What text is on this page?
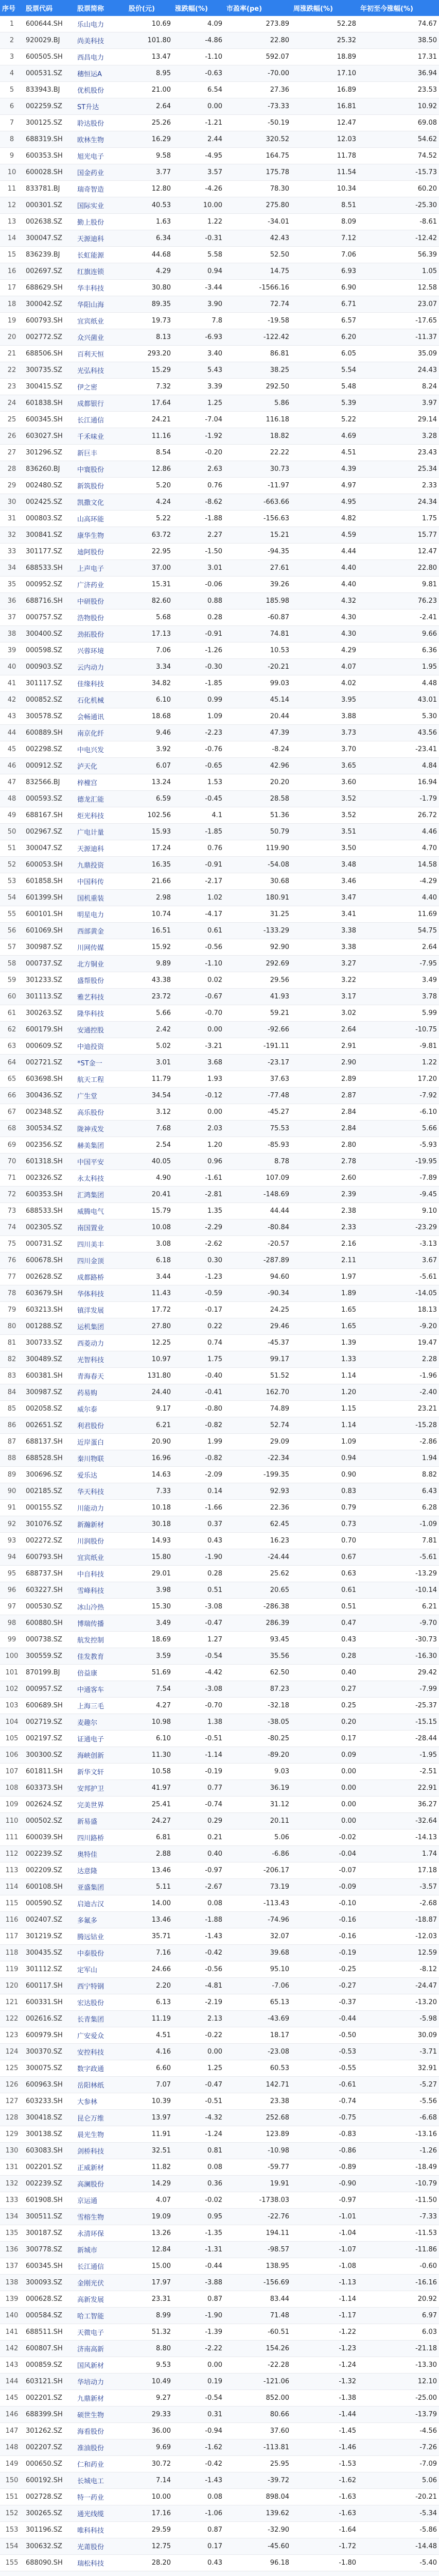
序号	股票代码	股票简称	股价(元)	涨跌幅(%)	市盈率(pe)	周涨跌幅(%)	年初至今涨幅(%)
1	600644.SH	乐山电力	10.69	4.09	273.89	52.28	74.67
2	920029.BJ	尚美科技	101.80	-4.86	22.80	25.32	38.50
3	600505.SH	西昌电力	13.47	-1.10	592.07	18.89	17.31
4	000531.SZ	穗恒运A	8.95	-0.63	-70.00	17.10	36.94
5	833943.BJ	优机股份	21.00	6.54	27.36	16.89	23.53
6	002259.SZ	ST升达	2.64	0.00	-73.33	16.81	10.92
7	300125.SZ	聆达股份	25.26	-1.21	-50.19	12.47	69.08
8	688319.SH	欧林生物	16.29	2.44	320.52	12.03	54.62
9	600353.SH	旭光电子	9.58	-4.95	164.75	11.78	74.52
10	600028.SH	国金药业	3.77	3.57	175.78	11.54	-15.73
11	833781.BJ	瑞奇智造	12.80	-4.26	78.30	10.34	60.20
12	000301.SZ	国际实业	40.53	10.00	275.80	8.51	-25.30
13	002638.SZ	勤上股份	1.63	1.22	-34.01	8.09	-8.61
14	300047.SZ	天源迪科	6.34	-0.31	42.43	7.12	-12.42
15	836239.BJ	长虹能源	44.68	5.58	52.50	7.06	56.39
16	002697.SZ	红旗连锁	4.29	0.94	14.75	6.93	1.05
17	688629.SH	华丰科技	30.80	-3.44	-1566.16	6.90	12.58
18	300042.SZ	华阳山海	89.35	3.90	72.74	6.71	23.07
19	600793.SH	宜宾纸业	19.73	7.8	-19.58	6.57	-17.65
20	002772.SZ	众兴菌业	8.13	-6.93	-122.42	6.20	-11.37
21	688506.SH	百利天恒	293.20	3.40	86.81	6.05	35.09
22	300735.SZ	光弘科技	15.29	5.43	38.25	5.54	24.43
23	300415.SZ	伊之密	7.32	3.39	292.50	5.48	8.24
24	601838.SH	成都银行	17.64	1.25	5.86	5.39	3.97
25	600345.SH	长江通信	24.21	-7.04	116.18	5.22	29.14
26	603027.SH	千禾味业	11.16	-1.92	18.82	4.69	3.28
27	301296.SZ	新巨丰	8.54	-0.20	22.22	4.51	23.43
28	836260.BJ	中寰股份	12.86	2.63	30.73	4.39	25.34
29	002480.SZ	新筑股份	5.20	0.76	-11.97	4.97	2.33
30	002425.SZ	凯撒文化	4.24	-8.62	-663.66	4.95	24.34
31	000803.SZ	山高环能	5.22	-1.88	-156.63	4.82	1.75
32	300841.SZ	康华生物	63.72	2.27	15.21	4.59	15.77
33	301177.SZ	迪阿股份	22.95	-1.50	-94.35	4.44	12.47
34	688533.SH	上声电子	37.00	3.01	27.61	4.40	22.80
35	000952.SZ	广济药业	15.31	-0.06	39.26	4.40	9.81
36	688716.SH	中研股份	82.60	0.88	185.98	4.32	76.23
37	000757.SZ	浩物股份	5.68	0.28	-60.87	4.30	-2.41
38	300400.SZ	劲拓股份	17.13	-0.91	74.81	4.30	9.66
39	000598.SZ	兴蓉环境	7.06	-1.26	10.53	4.29	6.36
40	000903.SZ	云内动力	3.34	-0.30	-20.21	4.07	1.95
41	301117.SZ	佳缘科技	34.82	-1.85	99.03	4.02	4.48
42	000852.SZ	石化机械	6.10	0.99	45.14	3.95	43.01
43	300578.SZ	会畅通讯	18.68	1.09	20.44	3.88	5.30
44	600889.SH	南京化纤	9.46	-2.23	47.39	3.73	43.56
45	002298.SZ	中电兴发	3.92	-0.76	-8.24	3.70	-23.41
46	000912.SZ	泸天化	6.07	-0.65	42.96	3.65	4.84
47	832566.BJ	梓橦宫	13.24	1.53	20.20	3.60	16.94
48	000593.SZ	德龙汇能	6.59	-0.45	28.58	3.52	-1.79
49	688167.SH	炬光科技	102.56	4.1	51.36	3.52	26.72
50	002967.SZ	广电计量	15.93	-1.85	50.79	3.51	4.46
51	300047.SZ	天源迪科	17.24	0.76	119.90	3.50	4.70
52	600053.SH	九鼎投资	16.35	-0.91	-54.08	3.48	14.58
53	601858.SH	中国科传	21.66	-2.17	30.68	3.46	-4.29
54	601399.SH	国机重装	2.98	1.02	180.91	3.47	4.40
55	600101.SH	明星电力	10.74	-4.17	31.25	3.41	11.69
56	601069.SH	西部黄金	16.51	0.61	-133.29	3.38	54.75
57	300987.SZ	川网传媒	15.92	-0.56	92.90	3.38	2.64
58	000737.SZ	北方铜业	9.89	-1.10	292.69	3.27	-7.95
59	301233.SZ	盛帮股份	43.38	0.02	29.56	3.22	3.49
60	301113.SZ	雅艺科技	23.72	-0.67	41.93	3.17	3.78
61	300263.SZ	隆华科技	5.66	-0.70	59.21	3.02	5.99
62	600179.SH	安通控股	2.42	0.00	-92.66	2.64	-10.75
63	000609.SZ	中迪投资	5.02	-3.21	-191.11	2.91	-9.81
64	002721.SZ	*ST金一	3.01	3.68	-23.17	2.90	1.22
65	603698.SH	航天工程	11.79	1.93	37.63	2.89	17.20
66	300436.SZ	广生堂	34.54	-0.12	-77.48	2.87	-7.92
67	002348.SZ	高乐股份	3.12	0.00	-45.27	2.84	-6.10
68	300534.SZ	陇神戎发	7.68	2.03	75.53	2.84	5.66
69	002356.SZ	赫美集团	2.54	1.20	-85.93	2.80	-5.93
70	601318.SH	中国平安	40.05	0.96	8.78	2.78	-19.95
71	002326.SZ	永太科技	4.90	-1.61	107.09	2.60	-7.89
72	600353.SH	汇鸿集团	20.41	-2.81	-148.69	2.39	-9.45
73	688533.SH	威腾电气	15.79	1.35	44.44	2.38	9.10
74	002305.SZ	南国置业	10.08	-2.29	-80.84	2.33	-23.29
75	000731.SZ	四川美丰	3.08	-2.62	-20.57	2.16	-3.13
76	600678.SH	四川金顶	6.18	0.30	-287.89	2.11	3.67
77	002628.SZ	成都路桥	3.44	-1.23	94.60	1.97	-5.61
78	603679.SH	华体科技	11.43	-0.59	-90.34	1.89	-14.05
79	603213.SH	镇洋发展	17.72	-0.17	24.25	1.65	18.13
80	001288.SZ	运机集团	27.80	0.22	29.46	1.65	-9.20
81	300733.SZ	西菱动力	12.25	0.74	-45.37	1.39	19.47
82	300489.SZ	光智科技	10.97	1.75	99.17	1.33	2.28
83	600381.SH	青海春天	131.80	-0.40	51.52	1.14	-1.96
84	300987.SZ	药易购	24.40	-0.41	162.70	1.20	-2.40
85	002058.SZ	威尔泰	9.17	-0.80	74.89	1.15	23.21
86	002651.SZ	利君股份	6.21	-0.82	52.74	1.14	-15.28
87	688137.SH	近岸蛋白	20.90	1.99	29.09	1.09	-2.86
88	688528.SH	秦川物联	16.96	-0.82	-22.34	0.94	1.94
89	300696.SZ	爱乐达	14.63	-2.09	-199.35	0.90	8.82
90	002185.SZ	华天科技	7.33	0.14	92.93	0.83	6.43
91	000155.SZ	川能动力	10.18	-1.66	22.36	0.79	6.28
92	301076.SZ	新瀚新材	30.18	0.37	62.45	0.73	-1.09
93	002272.SZ	川润股份	14.93	0.43	16.23	0.70	7.81
94	600793.SH	宜宾纸业	15.80	-1.90	-24.44	0.67	-5.61
95	688737.SH	中自科技	29.01	0.28	25.62	0.63	-13.29
96	603227.SH	雪峰科技	3.98	0.51	20.65	0.61	-10.14
97	000530.SZ	冰山冷热	15.30	-3.08	-286.38	0.51	6.21
98	600880.SH	博瑞传播	3.49	-0.47	286.39	0.47	-9.70
99	000738.SZ	航发控制	18.69	1.27	93.45	0.43	-30.73
100	300559.SZ	佳发教育	3.59	-0.54	35.56	0.28	-16.30
101	870199.BJ	倍益康	51.69	-4.42	62.50	0.40	29.42
102	000957.SZ	中通客车	7.54	-3.08	87.23	0.27	-7.99
103	600689.SH	上海三毛	4.27	-0.70	-32.18	0.25	-25.37
104	002719.SZ	麦趣尔	10.98	1.38	-38.05	0.20	-15.15
105	002197.SZ	证通电子	6.10	-0.51	-80.25	0.17	-28.44
106	300300.SZ	海峡创新	11.30	-1.14	-89.20	0.09	-1.95
107	601811.SH	新华文轩	10.58	-0.19	9.03	0.00	-2.51
108	603373.SH	安邦护卫	41.97	0.77	36.19	0.00	22.91
109	002624.SZ	完美世界	25.41	-0.74	31.12	0.00	36.27
110	000502.SZ	新易盛	24.27	0.29	20.11	0.00	-32.64
111	600039.SH	四川路桥	6.81	0.21	5.06	-0.02	-14.13
112	002239.SZ	奥特佳	2.88	0.40	-6.86	-0.04	1.74
113	002209.SZ	达意隆	13.46	-0.97	-206.17	-0.07	17.18
114	600108.SH	亚盛集团	5.11	-2.67	73.19	-0.09	-3.57
115	000590.SZ	启迪古汉	14.00	0.08	-113.43	-0.10	-2.68
116	002407.SZ	多氟多	13.46	-1.88	-74.96	-0.16	-18.87
117	301219.SZ	腾远钴业	35.71	-1.43	32.07	-0.16	-12.03
118	300435.SZ	中泰股份	7.16	-0.42	39.68	-0.19	12.59
119	301112.SZ	定军山	24.66	-0.56	95.10	-0.25	-8.12
120	600117.SH	西宁特钢	2.20	-4.81	-7.06	-0.27	-24.47
121	600331.SH	宏达股份	6.13	-2.19	65.13	-0.37	-13.20
122	002616.SZ	长青集团	11.19	2.13	-43.69	-0.44	-5.98
123	600979.SH	广安爱众	4.51	-0.22	18.17	-0.50	30.09
124	300370.SZ	安控科技	4.16	0.00	-23.08	-0.53	-3.71
125	300075.SZ	数字政通	6.60	1.25	60.53	-0.55	32.91
126	600963.SH	岳阳林纸	7.07	-0.47	142.71	-0.61	-5.27
127	603233.SH	大参林	10.39	-0.51	23.38	-0.74	-5.56
128	300418.SZ	昆仑万维	13.97	-4.32	252.68	-0.75	-6.68
129	300138.SZ	晨光生物	11.91	-1.24	123.89	-0.83	-13.16
130	603083.SH	剑桥科技	32.51	0.81	-10.98	-0.86	-1.26
131	002201.SZ	正威新材	11.82	0.08	-59.77	-0.89	-18.49
132	002239.SZ	高澜股份	14.29	0.36	19.91	-0.90	-10.79
133	601908.SH	京运通	4.07	-0.02	-1738.03	-0.97	-11.50
134	300511.SZ	雪榕生物	19.09	0.95	-22.76	-1.01	-7.33
135	300187.SZ	永清环保	13.26	-1.35	194.11	-1.04	-11.53
136	300778.SZ	新城市	12.84	-1.31	-98.57	-1.07	-11.86
137	600345.SH	长江通信	15.00	-0.44	138.95	-1.08	-0.60
138	300093.SZ	金刚光伏	17.97	-3.88	-156.69	-1.13	-16.16
139	000628.SZ	高新发展	23.31	0.87	83.44	-1.14	20.92
140	000584.SZ	哈工智能	8.99	-1.90	71.48	-1.17	6.97
141	688511.SH	天微电子	51.32	-1.39	-60.51	-1.22	6.03
142	600807.SH	济南高新	8.80	-2.22	154.26	-1.23	-21.18
143	000859.SZ	国风新材	9.53	0.00	-22.28	-1.24	-13.30
144	603121.SH	华培动力	10.49	0.19	-121.06	-1.32	12.10
145	002201.SZ	九鼎新材	9.27	-0.54	852.00	-1.38	-25.00
146	688399.SH	硕世生物	29.33	0.31	80.66	-1.44	-13.79
147	301262.SZ	海看股份	36.00	-0.94	37.60	-1.45	-4.56
148	002207.SZ	准油股份	9.69	-1.62	-113.81	-1.46	-7.26
149	000650.SZ	仁和药业	30.72	-0.42	25.95	-1.53	-7.09
150	600192.SH	长城电工	7.14	-1.43	-39.72	-1.62	5.06
151	002728.SZ	特一药业	10.00	0.08	898.04	-1.63	-20.21
152	300265.SZ	通光线缆	17.16	-1.06	139.62	-1.63	-5.34
153	301196.SZ	唯科科技	29.59	0.87	-32.90	-1.64	-5.86
154	300632.SZ	光莆股份	12.75	0.17	-45.60	-1.72	-14.48
155	688090.SH	瑞松科技	28.20	0.43	96.18	-1.80	-5.40
